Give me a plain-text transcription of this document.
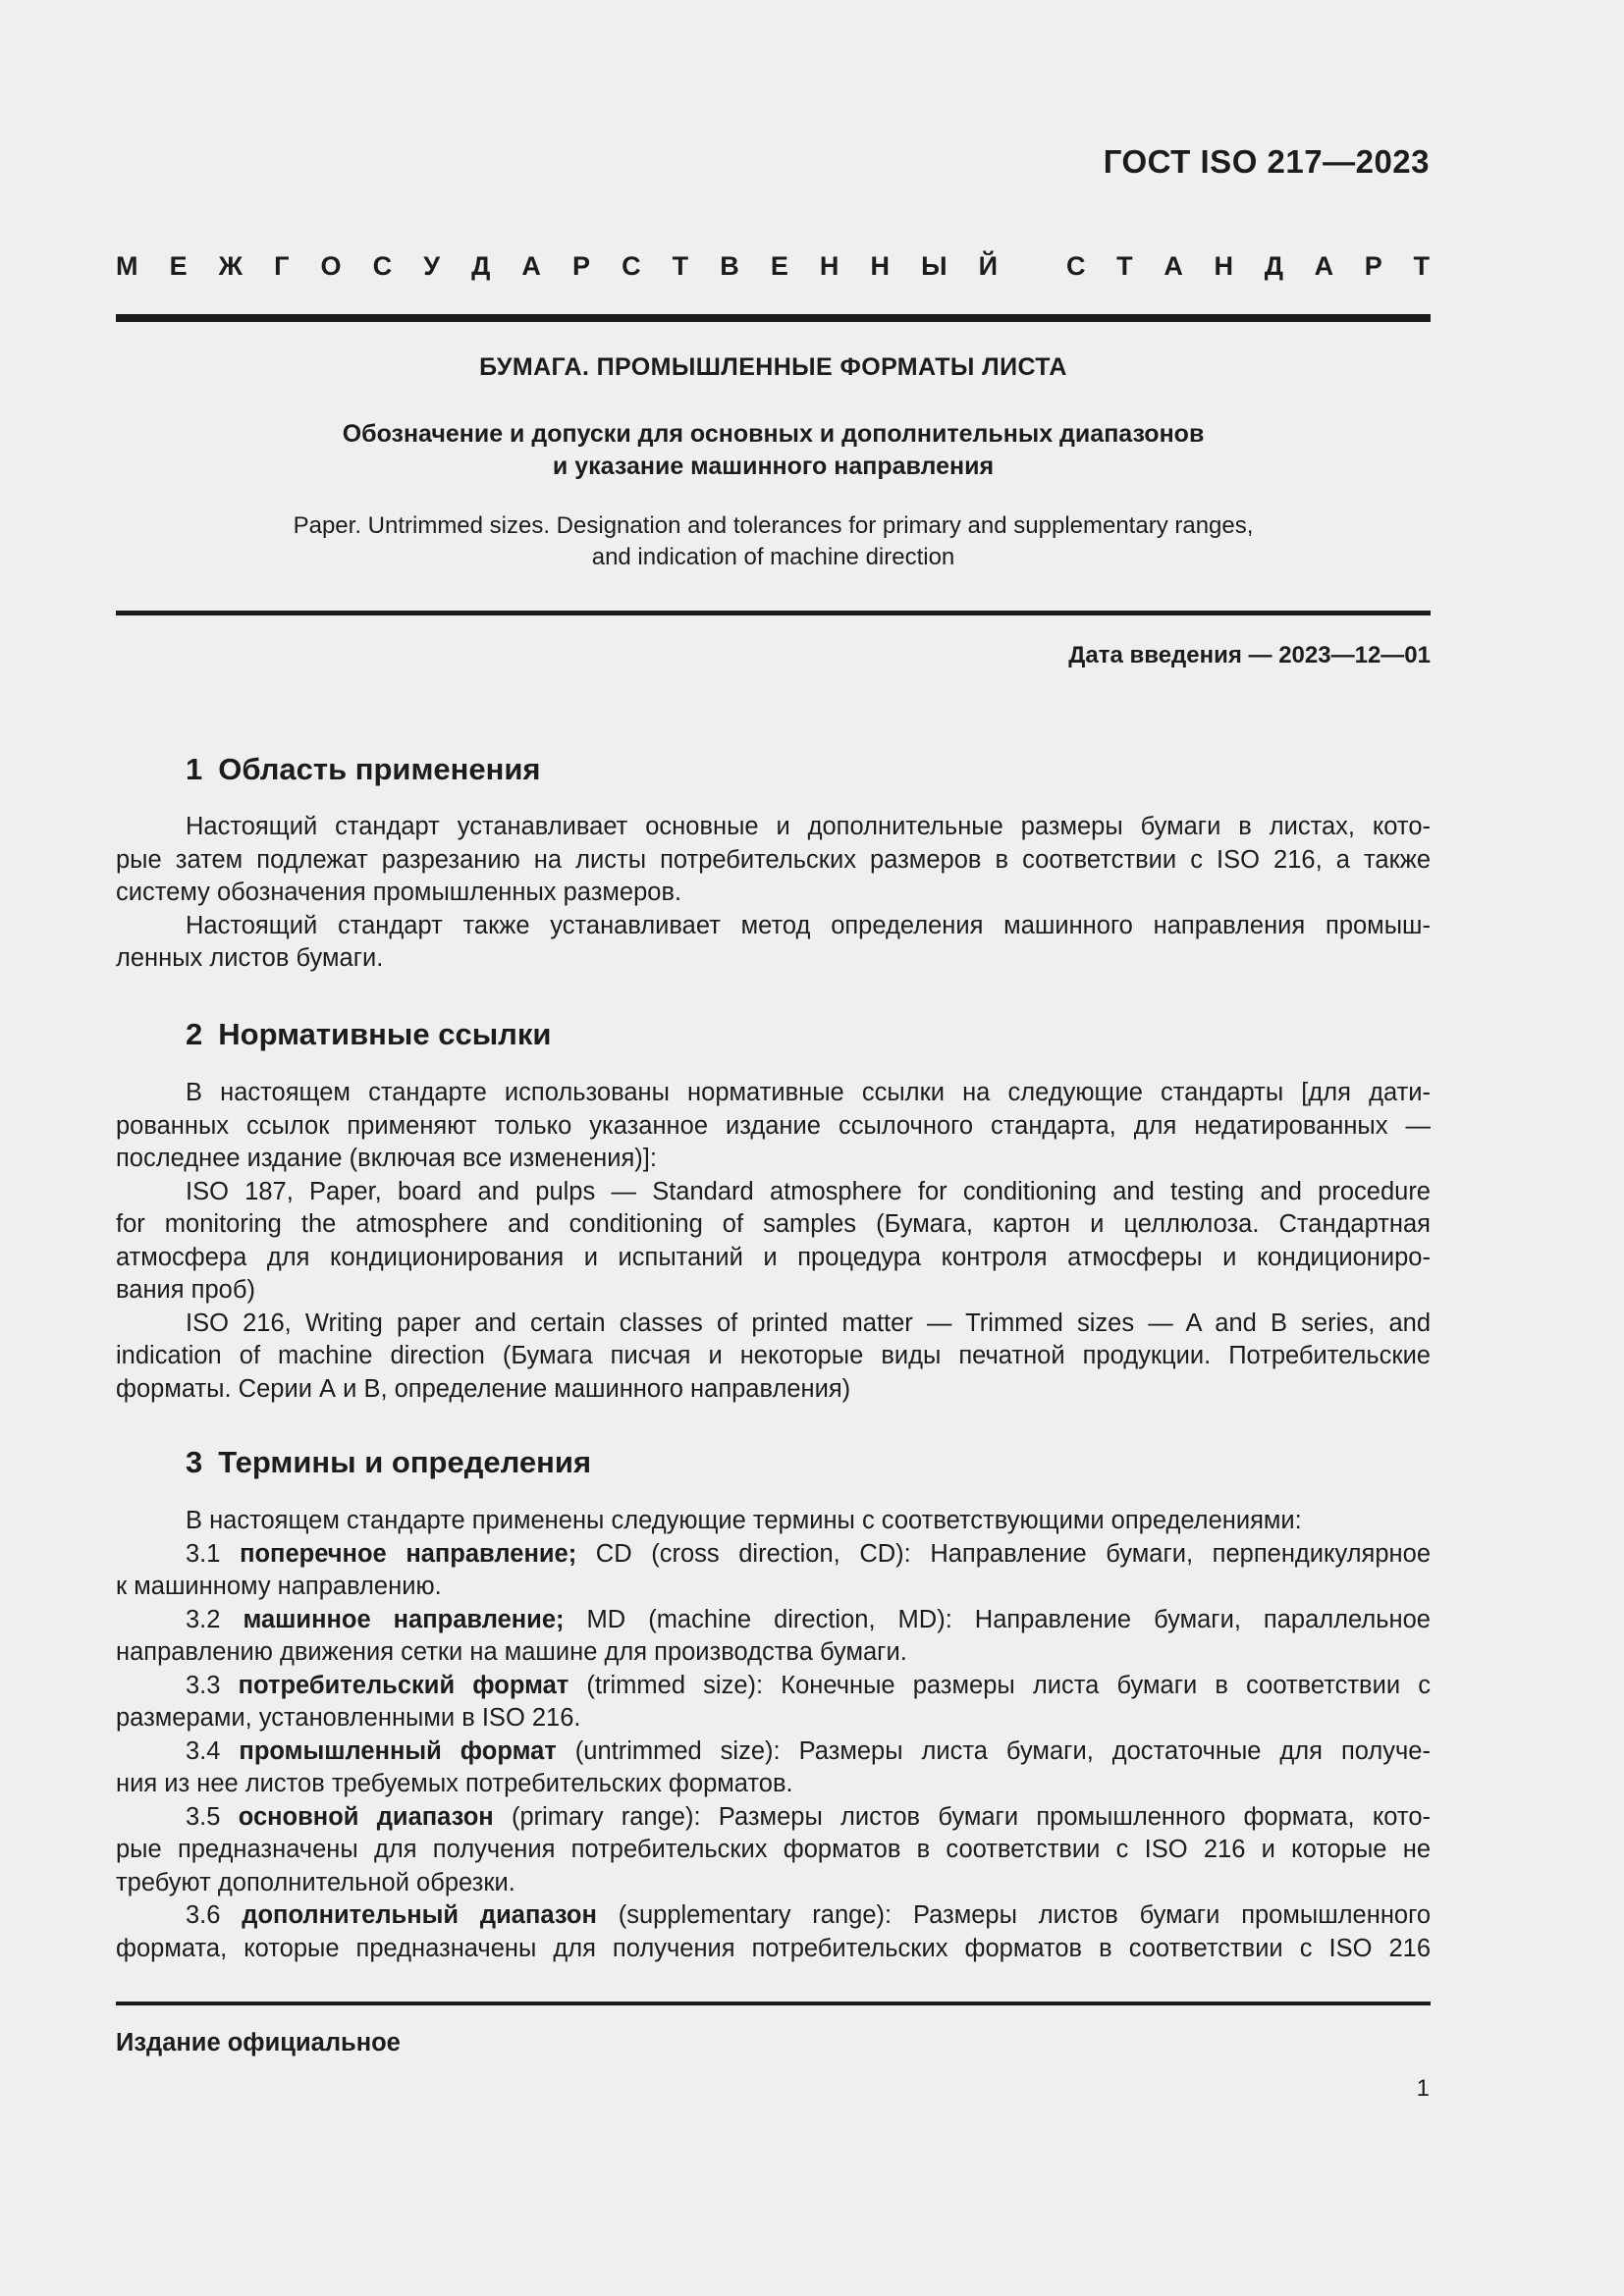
ГОСТ ISO 217—2023
М Е Ж Г О С У Д А Р С Т В Е Н Н Ы Й	С Т А Н Д А Р Т
БУМАГА. ПРОМЫШЛЕННЫЕ ФОРМАТЫ ЛИСТА
Обозначение и допуски для основных и дополнительных диапазонов
и указание машинного направления
Paper. Untrimmed sizes. Designation and tolerances for primary and supplementary ranges,
and indication of machine direction
Дата введения — 2023—12—01
1 Область применения
Настоящий стандарт устанавливает основные и дополнительные размеры бумаги в листах, кото-
рые затем подлежат разрезанию на листы потребительских размеров в соответствии с ISO 216, а также
систему обозначения промышленных размеров.
Настоящий стандарт также устанавливает метод определения машинного направления промыш-
ленных листов бумаги.
2 Нормативные ссылки
В настоящем стандарте использованы нормативные ссылки на следующие стандарты [для дати-
рованных ссылок применяют только указанное издание ссылочного стандарта, для недатированных —
последнее издание (включая все изменения)]:
ISO 187, Paper, board and pulps — Standard atmosphere for conditioning and testing and procedure
for monitoring the atmosphere and conditioning of samples (Бумага, картон и целлюлоза. Стандартная
атмосфера для кондиционирования и испытаний и процедура контроля атмосферы и кондициониро-
вания проб)
ISO 216, Writing paper and certain classes of printed matter — Trimmed sizes — A and B series, and
indication of machine direction (Бумага писчая и некоторые виды печатной продукции. Потребительские
форматы. Серии А и В, определение машинного направления)
3 Термины и определения
В настоящем стандарте применены следующие термины с соответствующими определениями:
3.1 поперечное направление; CD (cross direction, CD): Направление бумаги, перпендикулярное
к машинному направлению.
3.2 машинное направление; MD (machine direction, MD): Направление бумаги, параллельное
направлению движения сетки на машине для производства бумаги.
3.3 потребительский формат (trimmed size): Конечные размеры листа бумаги в соответствии с
размерами, установленными в ISO 216.
3.4 промышленный формат (untrimmed size): Размеры листа бумаги, достаточные для получе-
ния из нее листов требуемых потребительских форматов.
3.5 основной диапазон (primary range): Размеры листов бумаги промышленного формата, кото-
рые предназначены для получения потребительских форматов в соответствии с ISO 216 и которые не
требуют дополнительной обрезки.
3.6 дополнительный диапазон (supplementary range): Размеры листов бумаги промышленного
формата, которые предназначены для получения потребительских форматов в соответствии с ISO 216
Издание официальное
1
